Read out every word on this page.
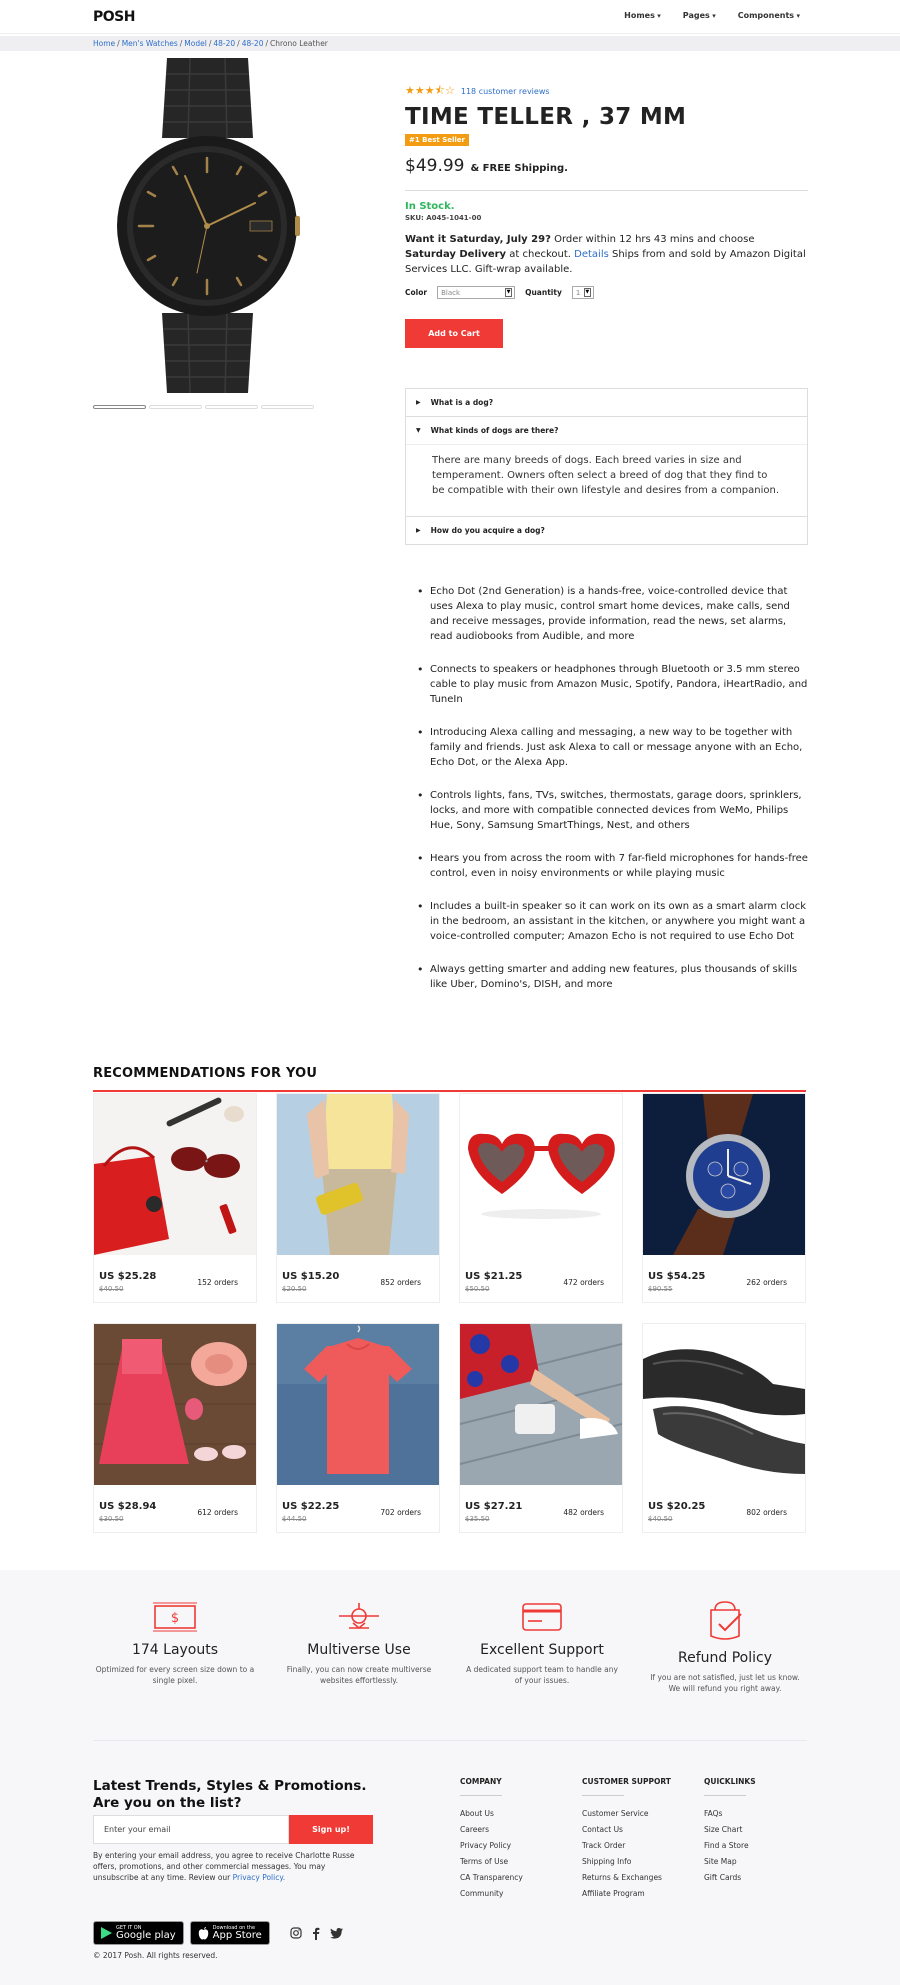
POSH	Homes ▾	Pages ▾	Components ▾
Home / Men's Watches / Model / 48-20 / 48-20 / Chrono Leather
★★★⯪☆ 118 customer reviews
TIME TELLER , 37 MM
#1 Best Seller
$49.99 & FREE Shipping.
In Stock.
SKU: A045-1041-00
Want it Saturday, July 29? Order within 12 hrs 43 mins and choose Saturday Delivery at checkout. Details Ships from and sold by Amazon Digital Services LLC. Gift-wrap available.
Color Black	▼ Quantity 1	▼
Add to Cart
▶ What is a dog?
▼ What kinds of dogs are there?
There are many breeds of dogs. Each breed varies in size and temperament. Owners often select a breed of dog that they find to be compatible with their own lifestyle and desires from a companion.
▶ How do you acquire a dog?
• Echo Dot (2nd Generation) is a hands-free, voice-controlled device that uses Alexa to play music, control smart home devices, make calls, send and receive messages, provide information, read the news, set alarms, read audiobooks from Audible, and more
• Connects to speakers or headphones through Bluetooth or 3.5 mm stereo cable to play music from Amazon Music, Spotify, Pandora, iHeartRadio, and TuneIn
• Introducing Alexa calling and messaging, a new way to be together with family and friends. Just ask Alexa to call or message anyone with an Echo, Echo Dot, or the Alexa App.
• Controls lights, fans, TVs, switches, thermostats, garage doors, sprinklers, locks, and more with compatible connected devices from WeMo, Philips Hue, Sony, Samsung SmartThings, Nest, and others
• Hears you from across the room with 7 far-field microphones for hands-free control, even in noisy environments or while playing music
• Includes a built-in speaker so it can work on its own as a smart alarm clock in the bedroom, an assistant in the kitchen, or anywhere you might want a voice-controlled computer; Amazon Echo is not required to use Echo Dot
• Always getting smarter and adding new features, plus thousands of skills like Uber, Domino's, DISH, and more
RECOMMENDATIONS FOR YOU
US $25.28
$40.50
152 orders
US $15.20
$20.50
852 orders
US $21.25
$50.50
472 orders
US $54.25
$90.55
262 orders
US $28.94
$30.50
612 orders
US $22.25
$44.50
702 orders
US $27.21
$35.50
482 orders
US $20.25
$40.50
802 orders
$
174 Layouts
Optimized for every screen size down to a single pixel.
Multiverse Use
Finally, you can now create multiverse websites effortlessly.
Excellent Support
A dedicated support team to handle any of your issues.
Refund Policy
If you are not satisfied, just let us know. We will refund you right away.
Latest Trends, Styles & Promotions. Are you on the list?
Enter your email	Sign up!
By entering your email address, you agree to receive Charlotte Russe offers, promotions, and other commercial messages. You may unsubscribe at any time. Review our Privacy Policy.
COMPANY
About Us
Careers
Privacy Policy
Terms of Use
CA Transparency
Community
CUSTOMER SUPPORT
Customer Service
Contact Us
Track Order
Shipping Info
Returns & Exchanges
Affiliate Program
QUICKLINKS
FAQs
Size Chart
Find a Store
Site Map
Gift Cards
GET IT ON
Google play
Download on the
App Store
© 2017 Posh. All rights reserved.
